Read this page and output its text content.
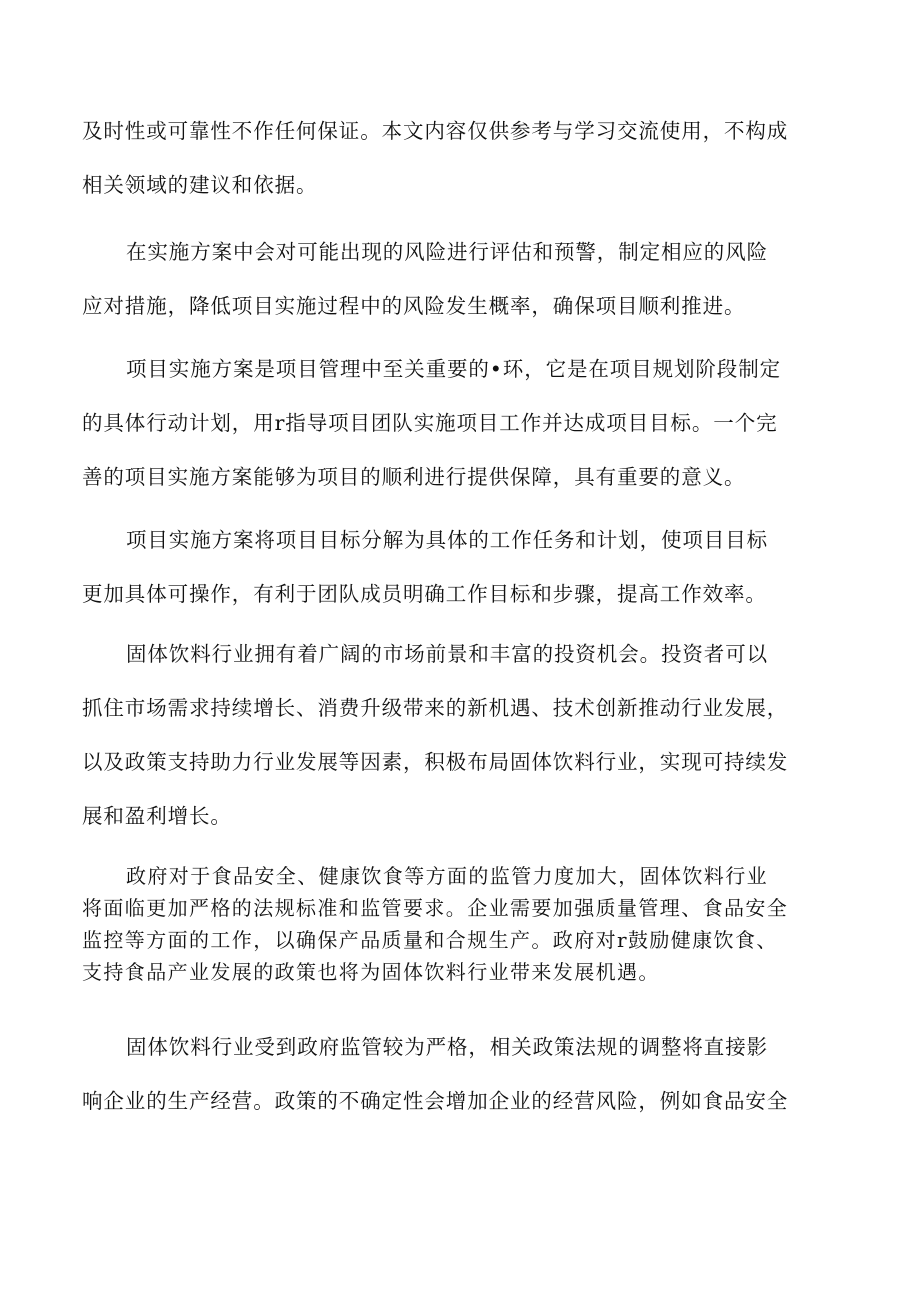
及时性或可靠性不作任何保证。本文内容仅供参考与学习交流使用，不构成
相关领域的建议和依据。
在实施方案中会对可能出现的风险进行评估和预警，制定相应的风险
应对措施，降低项目实施过程中的风险发生概率，确保项目顺利推进。
项目实施方案是项目管理中至关重要的•环，它是在项目规划阶段制定
的具体行动计划，用r指导项目团队实施项目工作并达成项目目标。一个完
善的项目实施方案能够为项目的顺利进行提供保障，具有重要的意义。
项目实施方案将项目目标分解为具体的工作任务和计划，使项目目标
更加具体可操作，有利于团队成员明确工作目标和步骤，提高工作效率。
固体饮料行业拥有着广阔的市场前景和丰富的投资机会。投资者可以
抓住市场需求持续增长、消费升级带来的新机遇、技术创新推动行业发展，
以及政策支持助力行业发展等因素，积极布局固体饮料行业，实现可持续发
展和盈利增长。
政府对于食品安全、健康饮食等方面的监管力度加大，固体饮料行业
将面临更加严格的法规标准和监管要求。企业需要加强质量管理、食品安全
监控等方面的工作，以确保产品质量和合规生产。政府对r鼓励健康饮食、
支持食品产业发展的政策也将为固体饮料行业带来发展机遇。
固体饮料行业受到政府监管较为严格，相关政策法规的调整将直接影
响企业的生产经营。政策的不确定性会增加企业的经营风险，例如食品安全
